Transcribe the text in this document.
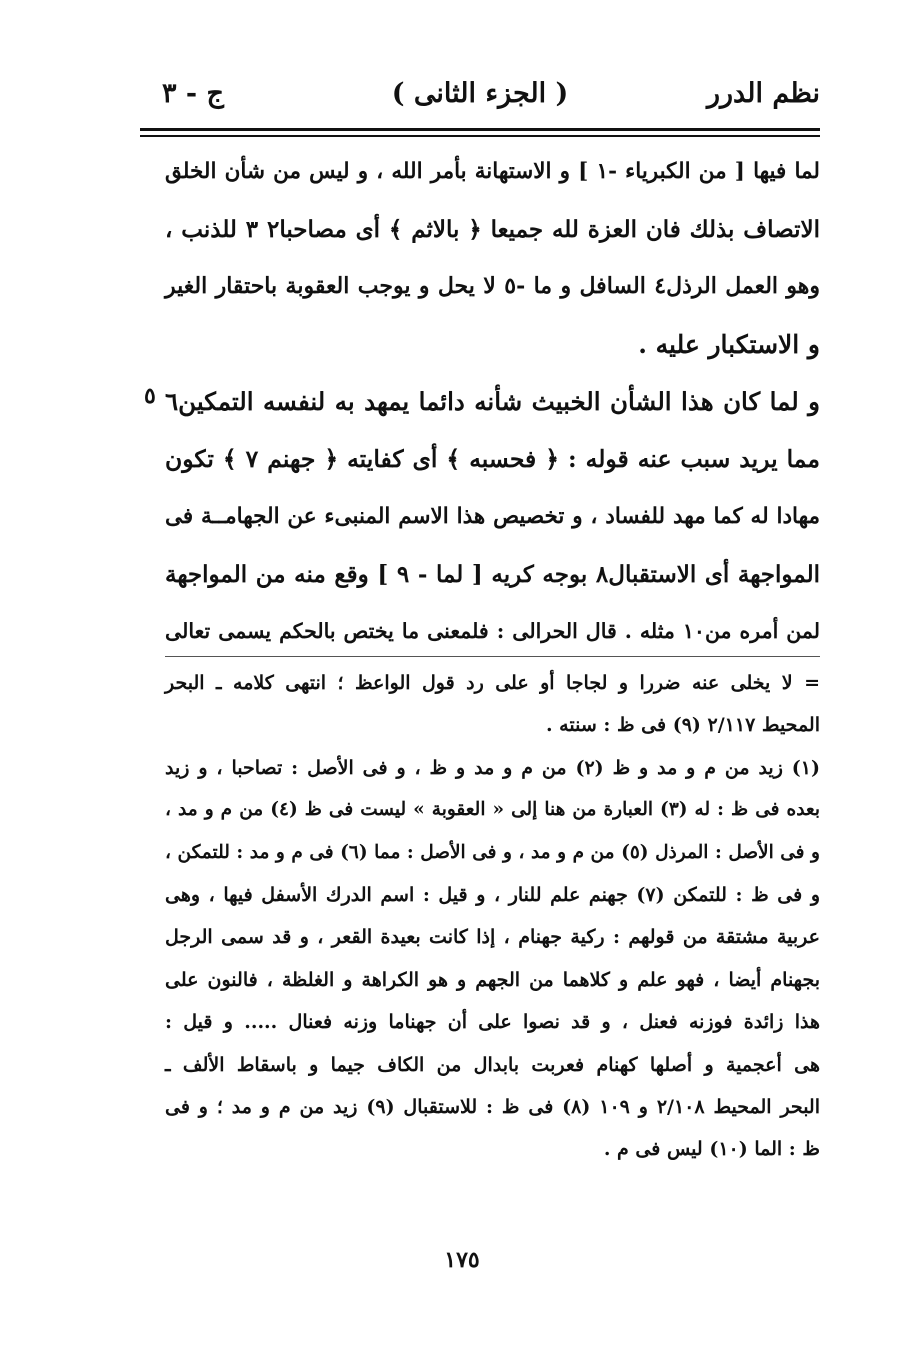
نظم الدرر
( الجزء الثانى )
ج - ٣
لما فيها [ من الكبرياء -١ ] و الاستهانة بأمر الله ، و ليس من شأن الخلق
الاتصاف بذلك فان العزة لله جميعا ﴿ بالاثم ﴾ أى مصاحبا٢ ٣ للذنب ،
وهو العمل الرذل٤ السافل و ما -٥ لا يحل و يوجب العقوبة باحتقار الغير
و الاستكبار عليه .
و لما كان هذا الشأن الخبيث شأنه دائما يمهد به لنفسه التمكين٦
مما يريد سبب عنه قوله : ﴿ فحسبه ﴾ أى كفايته ﴿ جهنم ٧ ﴾ تكون
مهادا له كما مهد للفساد ، و تخصيص هذا الاسم المنبىء عن الجهامــة فى
المواجهة أى الاستقبال٨ بوجه كريه [ لما - ٩ ] وقع منه من المواجهة
لمن أمره من١٠ مثله . قال الحرالى : فلمعنى ما يختص بالحكم يسمى تعالى
٥
= لا يخلى عنه ضررا و لجاجا أو على رد قول الواعظ ؛ انتهى كلامه ـ البحر
المحيط ٢/١١٧ (٩) فى ظ : سنته .
(١) زيد من م و مد و ظ (٢) من م و مد و ظ ، و فى الأصل : تصاحبا ، و زيد
بعده فى ظ : له (٣) العبارة من هنا إلى « العقوبة » ليست فى ظ (٤) من م و مد ،
و فى الأصل : المرذل (٥) من م و مد ، و فى الأصل : مما (٦) فى م و مد : للتمكن ،
و فى ظ : للتمكن (٧) جهنم علم للنار ، و قيل : اسم الدرك الأسفل فيها ، وهى
عربية مشتقة من قولهم : ركية جهنام ، إذا كانت بعيدة القعر ، و قد سمى الرجل
بجهنام أيضا ، فهو علم و كلاهما من الجهم و هو الكراهة و الغلظة ، فالنون على
هذا زائدة فوزنه فعنل ، و قد نصوا على أن جهناما وزنه فعنال ..... و قيل :
هى أعجمية و أصلها كهنام فعربت بابدال من الكاف جيما و باسقاط الألف ـ
البحر المحيط ٢/١٠٨ و ١٠٩ (٨) فى ظ : للاستقبال (٩) زيد من م و مد ؛ و فى
ظ : الما (١٠) ليس فى م .
١٧٥
